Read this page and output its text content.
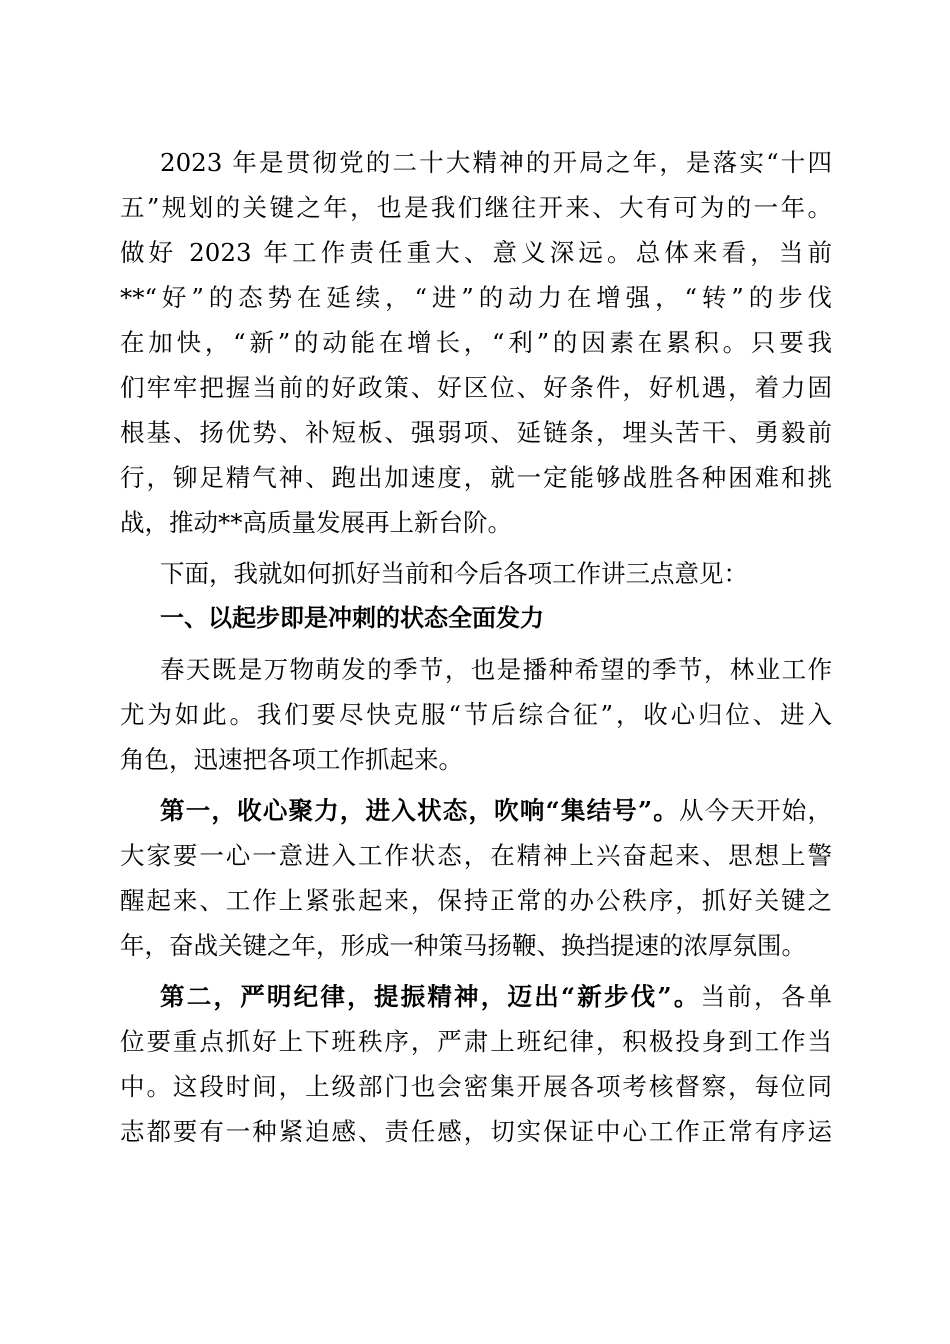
2023 年是贯彻党的二十大精神的开局之年，是落实“十四
五”规划的关键之年，也是我们继往开来、大有可为的一年。
做好 2023 年工作责任重大、意义深远。总体来看，当前
**“好”的态势在延续，“进”的动力在增强，“转”的步伐
在加快，“新”的动能在增长，“利”的因素在累积。只要我
们牢牢把握当前的好政策、好区位、好条件，好机遇，着力固
根基、扬优势、补短板、强弱项、延链条，埋头苦干、勇毅前
行，铆足精气神、跑出加速度，就一定能够战胜各种困难和挑
战，推动**高质量发展再上新台阶。
下面，我就如何抓好当前和今后各项工作讲三点意见：
一、以起步即是冲刺的状态全面发力
春天既是万物萌发的季节，也是播种希望的季节，林业工作
尤为如此。我们要尽快克服“节后综合征”，收心归位、进入
角色，迅速把各项工作抓起来。
第一，收心聚力，进入状态，吹响“集结号”。从今天开始，
大家要一心一意进入工作状态，在精神上兴奋起来、思想上警
醒起来、工作上紧张起来，保持正常的办公秩序，抓好关键之
年，奋战关键之年，形成一种策马扬鞭、换挡提速的浓厚氛围。
第二，严明纪律，提振精神，迈出“新步伐”。当前，各单
位要重点抓好上下班秩序，严肃上班纪律，积极投身到工作当
中。这段时间，上级部门也会密集开展各项考核督察，每位同
志都要有一种紧迫感、责任感，切实保证中心工作正常有序运
